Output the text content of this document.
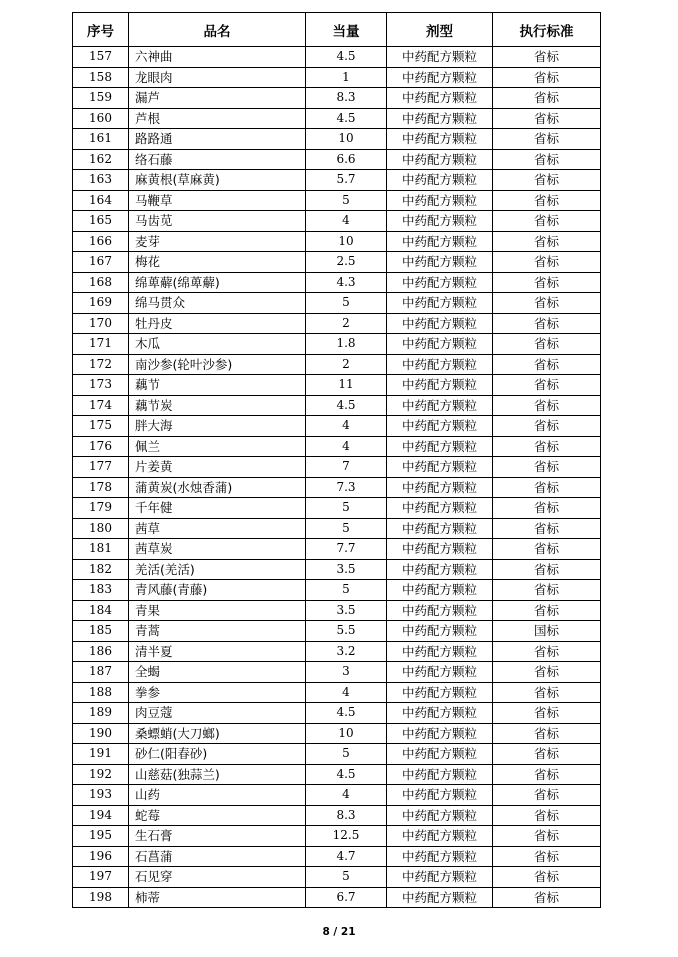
序号	品名	当量	剂型	执行标准
157	六神曲	4.5	中药配方颗粒	省标
158	龙眼肉	1	中药配方颗粒	省标
159	漏芦	8.3	中药配方颗粒	省标
160	芦根	4.5	中药配方颗粒	省标
161	路路通	10	中药配方颗粒	省标
162	络石藤	6.6	中药配方颗粒	省标
163	麻黄根(草麻黄)	5.7	中药配方颗粒	省标
164	马鞭草	5	中药配方颗粒	省标
165	马齿苋	4	中药配方颗粒	省标
166	麦芽	10	中药配方颗粒	省标
167	梅花	2.5	中药配方颗粒	省标
168	绵萆薢(绵萆薢)	4.3	中药配方颗粒	省标
169	绵马贯众	5	中药配方颗粒	省标
170	牡丹皮	2	中药配方颗粒	省标
171	木瓜	1.8	中药配方颗粒	省标
172	南沙参(轮叶沙参)	2	中药配方颗粒	省标
173	藕节	11	中药配方颗粒	省标
174	藕节炭	4.5	中药配方颗粒	省标
175	胖大海	4	中药配方颗粒	省标
176	佩兰	4	中药配方颗粒	省标
177	片姜黄	7	中药配方颗粒	省标
178	蒲黄炭(水烛香蒲)	7.3	中药配方颗粒	省标
179	千年健	5	中药配方颗粒	省标
180	茜草	5	中药配方颗粒	省标
181	茜草炭	7.7	中药配方颗粒	省标
182	羌活(羌活)	3.5	中药配方颗粒	省标
183	青风藤(青藤)	5	中药配方颗粒	省标
184	青果	3.5	中药配方颗粒	省标
185	青蒿	5.5	中药配方颗粒	国标
186	清半夏	3.2	中药配方颗粒	省标
187	全蝎	3	中药配方颗粒	省标
188	拳参	4	中药配方颗粒	省标
189	肉豆蔻	4.5	中药配方颗粒	省标
190	桑螵蛸(大刀螂)	10	中药配方颗粒	省标
191	砂仁(阳春砂)	5	中药配方颗粒	省标
192	山慈菇(独蒜兰)	4.5	中药配方颗粒	省标
193	山药	4	中药配方颗粒	省标
194	蛇莓	8.3	中药配方颗粒	省标
195	生石膏	12.5	中药配方颗粒	省标
196	石菖蒲	4.7	中药配方颗粒	省标
197	石见穿	5	中药配方颗粒	省标
198	柿蒂	6.7	中药配方颗粒	省标
8 / 21
